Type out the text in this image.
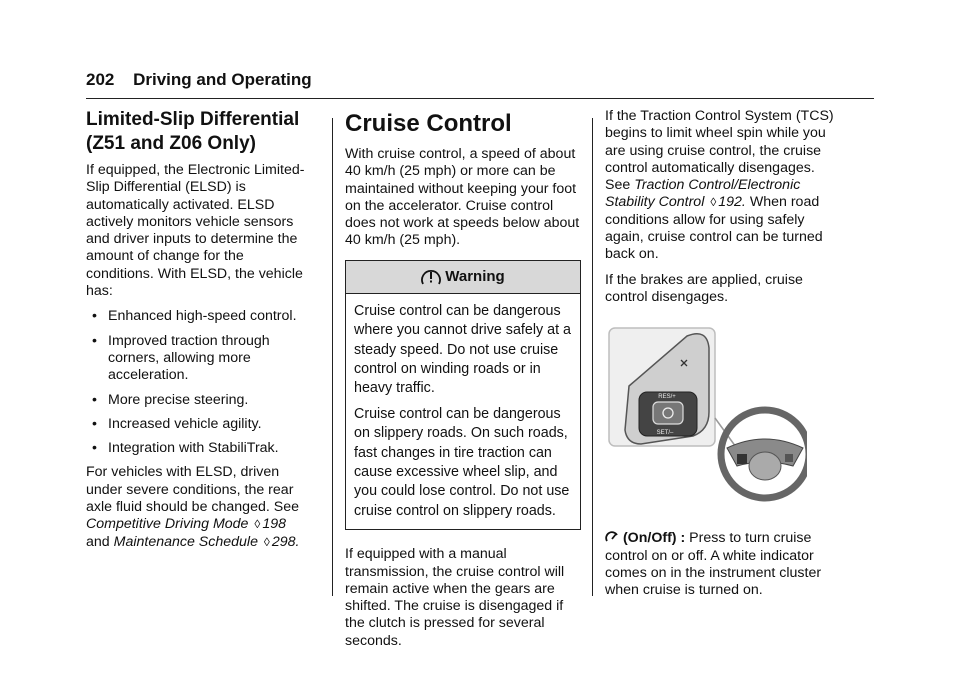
202 Driving and Operating
Limited-Slip Differential (Z51 and Z06 Only)

If equipped, the Electronic Limited-Slip Differential (ELSD) is automatically activated. ELSD actively monitors vehicle sensors and driver inputs to determine the amount of change for the conditions. With ELSD, the vehicle has:

• Enhanced high-speed control.
• Improved traction through corners, allowing more acceleration.
• More precise steering.
• Increased vehicle agility.
• Integration with StabiliTrak.

For vehicles with ELSD, driven under severe conditions, the rear axle fluid should be changed. See Competitive Driving Mode ◊ 198 and Maintenance Schedule ◊ 298.

Cruise Control

With cruise control, a speed of about 40 km/h (25 mph) or more can be maintained without keeping your foot on the accelerator. Cruise control does not work at speeds below about 40 km/h (25 mph).

Warning

Cruise control can be dangerous where you cannot drive safely at a steady speed. Do not use cruise control on winding roads or in heavy traffic.

Cruise control can be dangerous on slippery roads. On such roads, fast changes in tire traction can cause excessive wheel slip, and you could lose control. Do not use cruise control on slippery roads.

If equipped with a manual transmission, the cruise control will remain active when the gears are shifted. The cruise is disengaged if the clutch is pressed for several seconds.

If the Traction Control System (TCS) begins to limit wheel spin while you are using cruise control, the cruise control automatically disengages. See Traction Control/Electronic Stability Control ◊ 192. When road conditions allow for using safely again, cruise control can be turned back on.

If the brakes are applied, cruise control disengages.

RES/+
SET/–

(On/Off) : Press to turn cruise control on or off. A white indicator comes on in the instrument cluster when cruise is turned on.
